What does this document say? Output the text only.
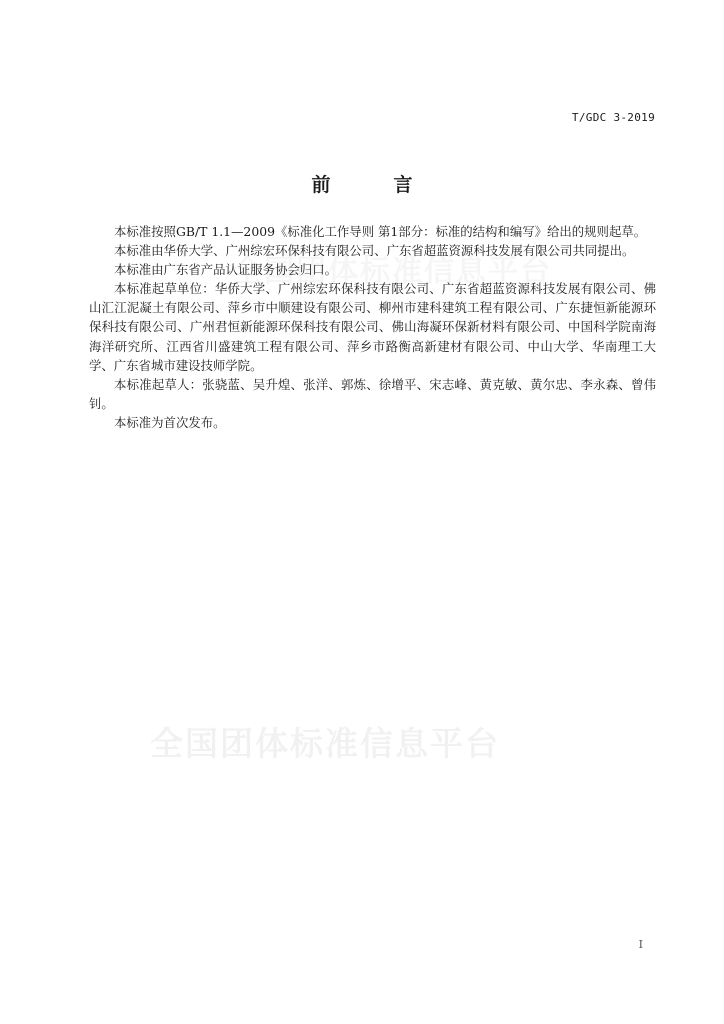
T/GDC 3-2019
前　言

本标准按照GB/T 1.1—2009《标准化工作导则 第1部分：标准的结构和编写》给出的规则起草。

本标准由华侨大学、广州综宏环保科技有限公司、广东省超蓝资源科技发展有限公司共同提出。

本标准由广东省产品认证服务协会归口。

本标准起草单位：华侨大学、广州综宏环保科技有限公司、广东省超蓝资源科技发展有限公司、佛山汇江泥凝土有限公司、萍乡市中顺建设有限公司、柳州市建科建筑工程有限公司、广东捷恒新能源环保科技有限公司、广州君恒新能源环保科技有限公司、佛山海凝环保新材料有限公司、中国科学院南海海洋研究所、江西省川盛建筑工程有限公司、萍乡市路衡高新建材有限公司、中山大学、华南理工大学、广东省城市建设技师学院。

本标准起草人：张骁蓝、吴升煌、张洋、郭炼、徐增平、宋志峰、黄克敏、黄尔忠、李永森、曾伟钊。

本标准为首次发布。

全国团体标准信息平台
I
